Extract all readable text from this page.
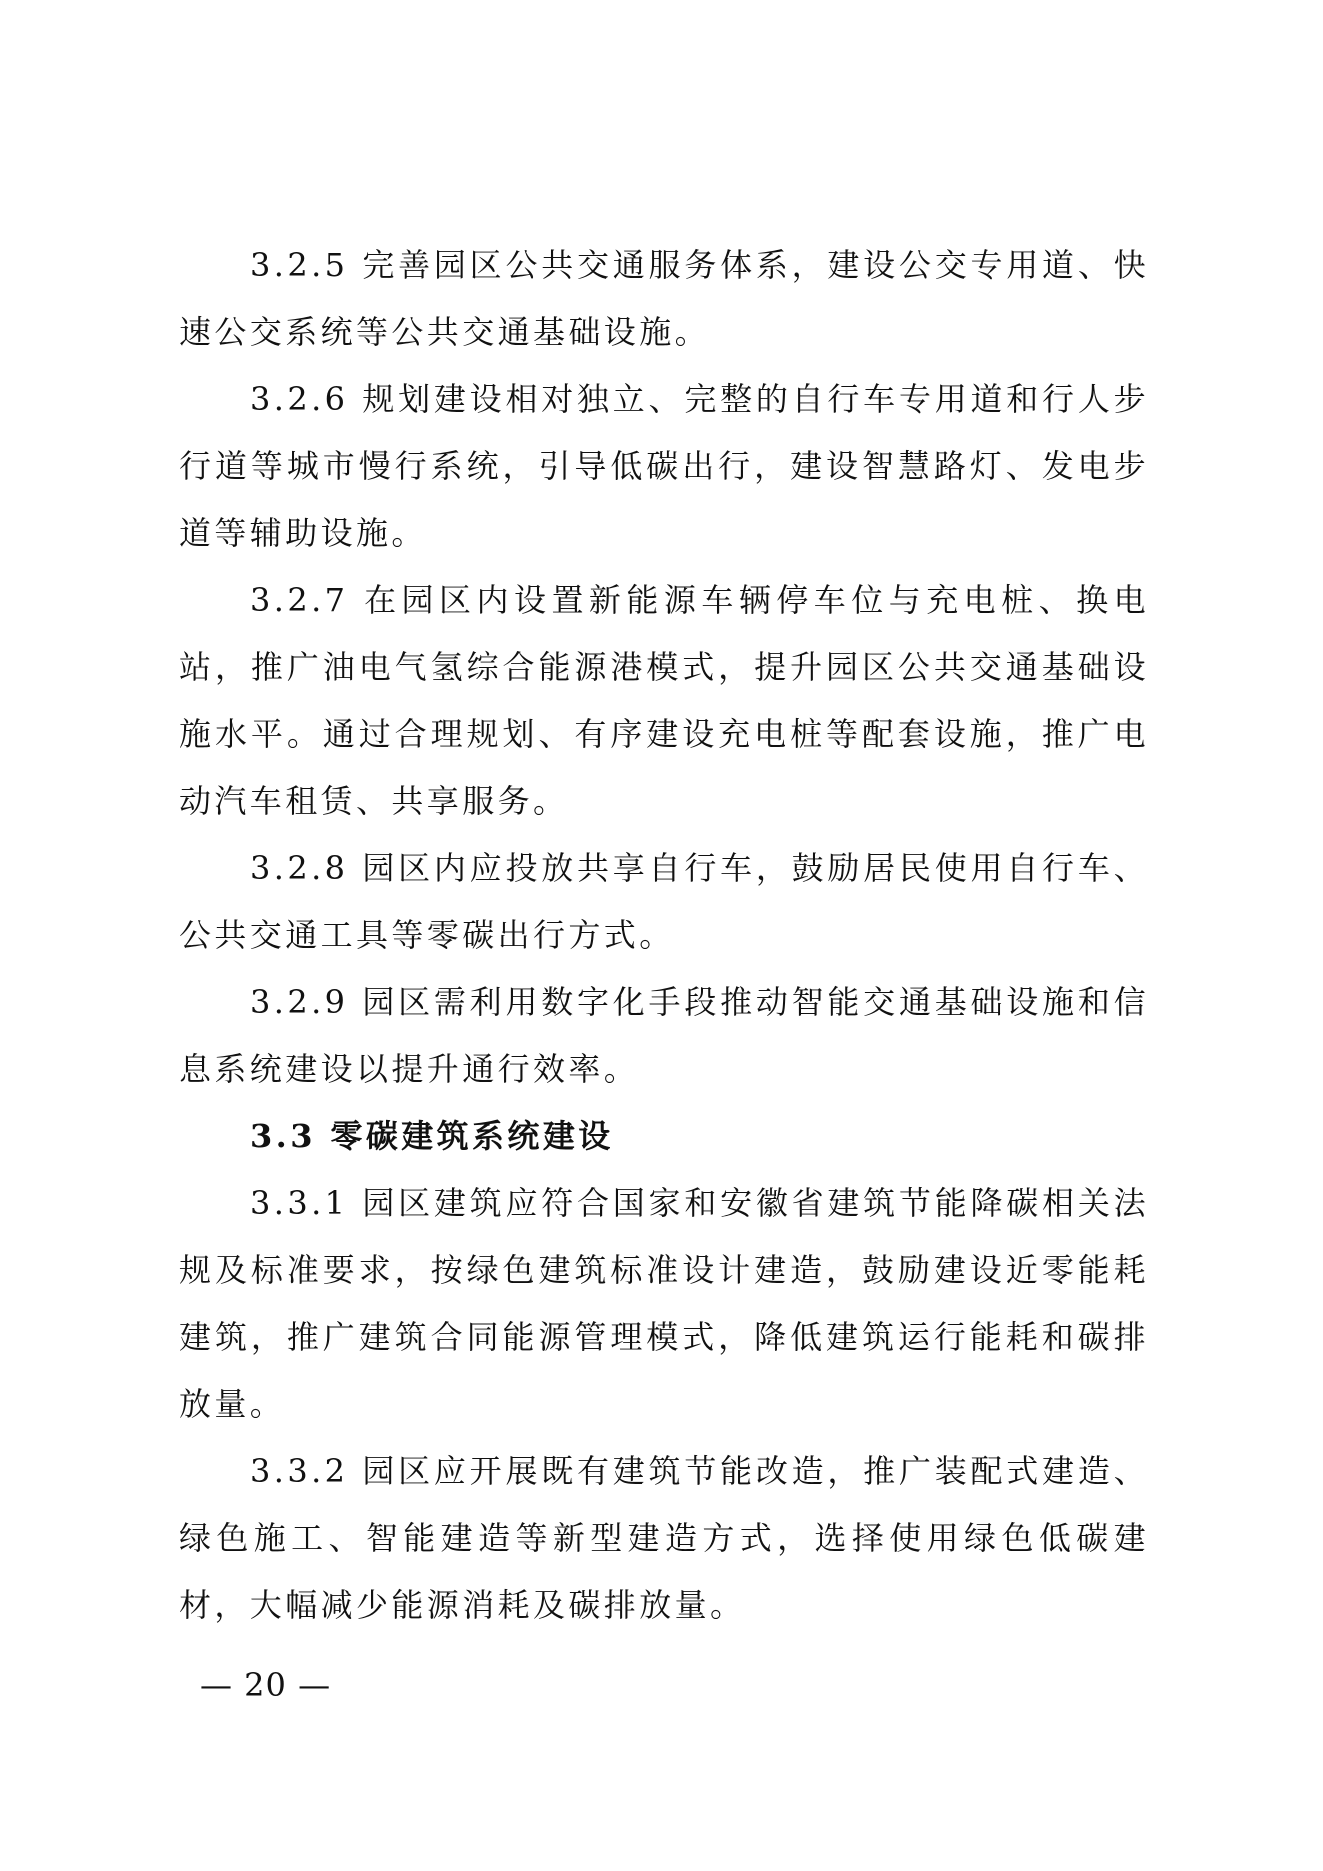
3.2.5 完善园区公共交通服务体系，建设公交专用道、快速公交系统等公共交通基础设施。

3.2.6 规划建设相对独立、完整的自行车专用道和行人步行道等城市慢行系统，引导低碳出行，建设智慧路灯、发电步道等辅助设施。

3.2.7 在园区内设置新能源车辆停车位与充电桩、换电站，推广油电气氢综合能源港模式，提升园区公共交通基础设施水平。通过合理规划、有序建设充电桩等配套设施，推广电动汽车租赁、共享服务。

3.2.8 园区内应投放共享自行车，鼓励居民使用自行车、公共交通工具等零碳出行方式。

3.2.9 园区需利用数字化手段推动智能交通基础设施和信息系统建设以提升通行效率。

3.3 零碳建筑系统建设

3.3.1 园区建筑应符合国家和安徽省建筑节能降碳相关法规及标准要求，按绿色建筑标准设计建造，鼓励建设近零能耗建筑，推广建筑合同能源管理模式，降低建筑运行能耗和碳排放量。

3.3.2 园区应开展既有建筑节能改造，推广装配式建造、绿色施工、智能建造等新型建造方式，选择使用绿色低碳建材，大幅减少能源消耗及碳排放量。

— 20 —
